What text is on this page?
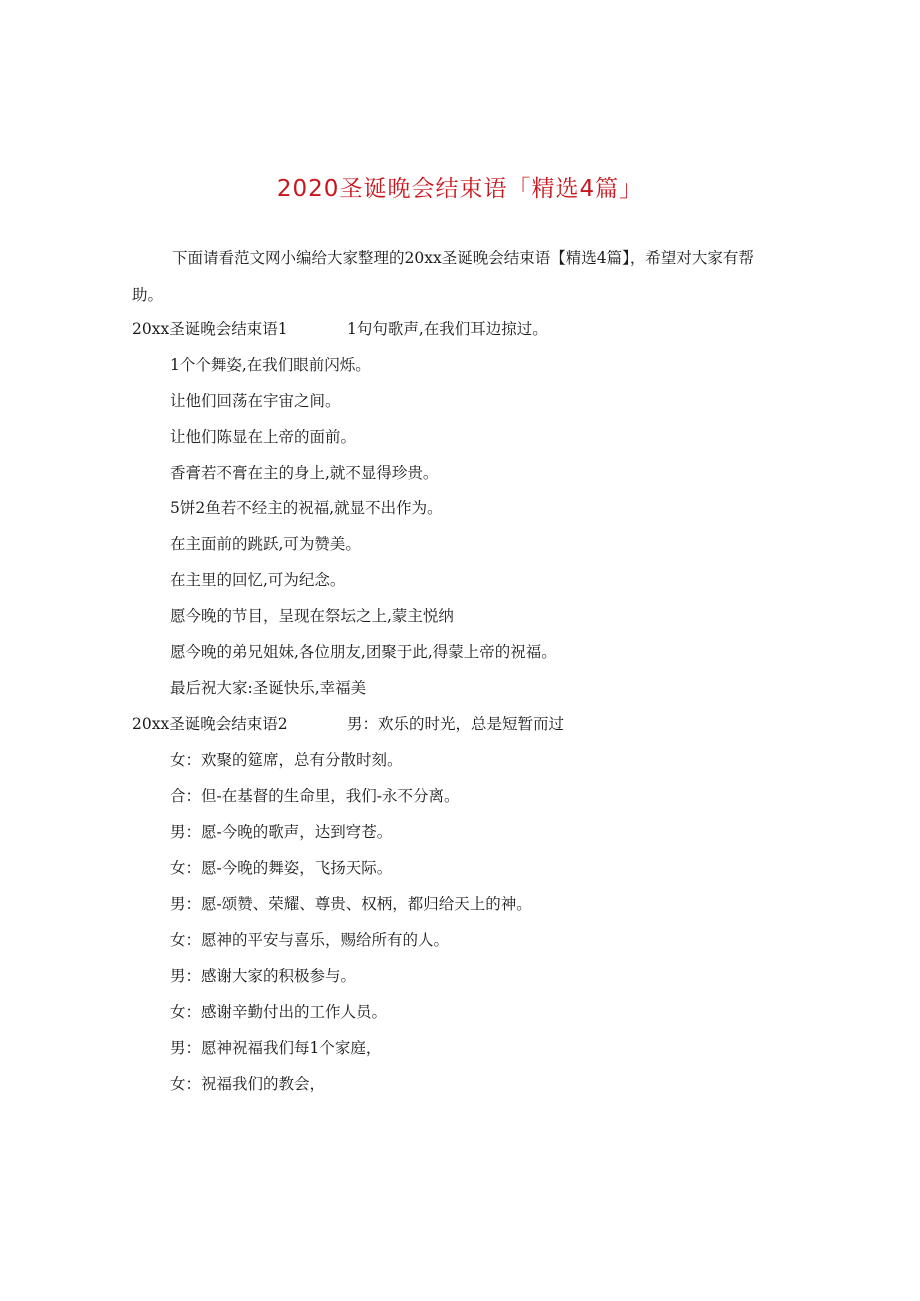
2020圣诞晚会结束语「精选4篇」
下面请看范文网小编给大家整理的20xx圣诞晚会结束语【精选4篇】，希望对大家有帮助。
20xx圣诞晚会结束语1	1句句歌声,在我们耳边掠过。
1个个舞姿,在我们眼前闪烁。
让他们回荡在宇宙之间。
让他们陈显在上帝的面前。
香膏若不膏在主的身上,就不显得珍贵。
5饼2鱼若不经主的祝福,就显不出作为。
在主面前的跳跃,可为赞美。
在主里的回忆,可为纪念。
愿今晚的节目，呈现在祭坛之上,蒙主悦纳
愿今晚的弟兄姐妹,各位朋友,团聚于此,得蒙上帝的祝福。
最后祝大家:圣诞快乐,幸福美
20xx圣诞晚会结束语2	男：欢乐的时光，总是短暂而过
女：欢聚的筵席，总有分散时刻。
合：但-在基督的生命里，我们-永不分离。
男：愿-今晚的歌声，达到穹苍。
女：愿-今晚的舞姿，飞扬天际。
男：愿-颂赞、荣耀、尊贵、权柄，都归给天上的神。
女：愿神的平安与喜乐，赐给所有的人。
男：感谢大家的积极参与。
女：感谢辛勤付出的工作人员。
男：愿神祝福我们每1个家庭，
女：祝福我们的教会，
